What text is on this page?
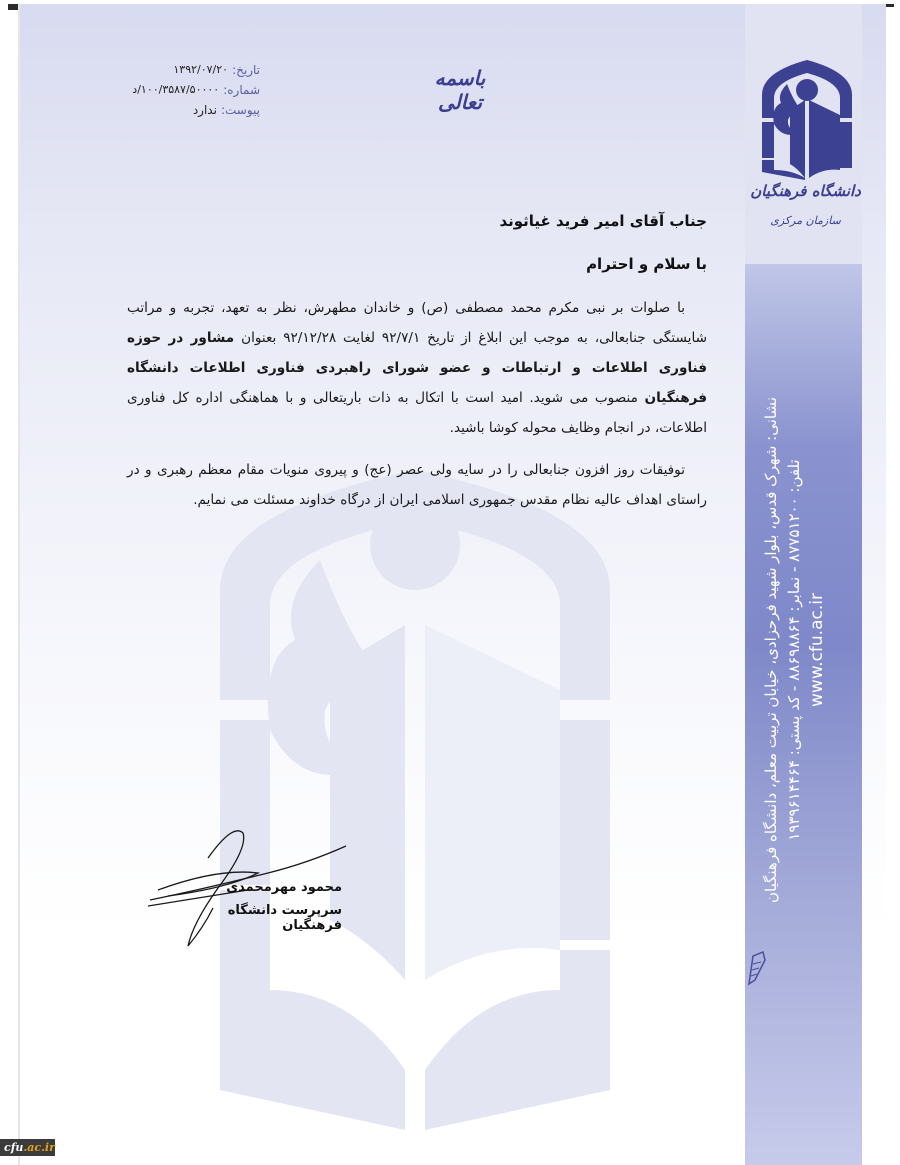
دانشگاه فرهنگیان
سازمان مرکزی
نشانی: شهرک قدس، بلوار شهید فرحزادی، خیابان تربیت معلم، دانشگاه فرهنگیان تلفن: ۸۷۷۵۱۲۰۰ - نمابر: ۸۸۶۹۸۸۶۴ - کد پستی: ۱۹۳۹۶۱۴۴۶۴
www.cfu.ac.ir
تاریخ:
۱۳۹۲/۰۷/۲۰
شماره:
۱۰۰/۳۵۸۷/۵۰۰۰۰/د
پیوست:
ندارد
باسمه تعالی
جناب آقای امیر فرید غیاثوند
با سلام و احترام

با صلوات بر نبی مکرم محمد مصطفی (ص) و خاندان مطهرش، نظر به تعهد، تجربه و مراتب شایستگی جنابعالی، به موجب این ابلاغ از تاریخ ۹۲/۷/۱ لغایت ۹۲/۱۲/۲۸ بعنوان مشاور در حوزه فناوری اطلاعات و ارتباطات و عضو شورای راهبردی فناوری اطلاعات دانشگاه فرهنگیان منصوب می شوید. امید است با اتکال به ذات باریتعالی و با هماهنگی اداره کل فناوری اطلاعات، در انجام وظایف محوله کوشا باشید.

توفیقات روز افزون جنابعالی را در سایه ولی عصر (عج) و پیروی منویات مقام معظم رهبری و در راستای اهداف عالیه نظام مقدس جمهوری اسلامی ایران از درگاه خداوند مسئلت می نمایم.

محمود مهرمحمدی
سرپرست دانشگاه فرهنگیان
cfu.ac.ir
